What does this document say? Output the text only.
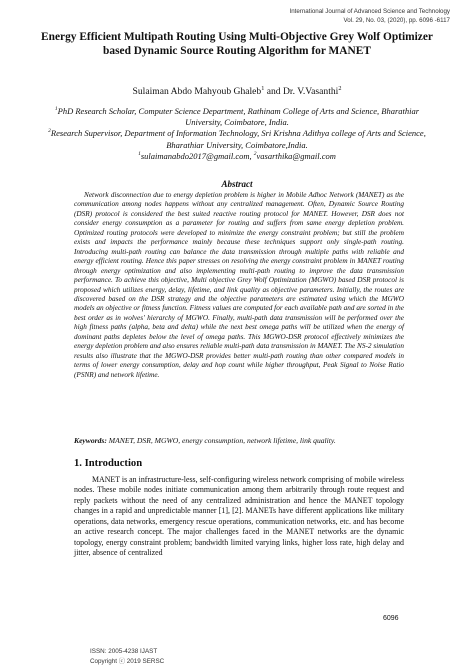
International Journal of Advanced Science and Technology
Vol. 29, No. 03, (2020), pp. 6096 -6117
Energy Efficient Multipath Routing Using Multi-Objective Grey Wolf Optimizer based Dynamic Source Routing Algorithm for MANET
Sulaiman Abdo Mahyoub Ghaleb$^1$ and Dr. V.Vasanthi$^2$
$^1$PhD Research Scholar, Computer Science Department, Rathinam College of Arts and Science, Bharathiar University, Coimbatore, India.
$^2$Research Supervisor, Department of Information Technology, Sri Krishna Adithya college of Arts and Science, Bharathiar University, Coimbatore,India.
$^1$sulaimanabdo2017@gmail.com, $^2$vasarthika@gmail.com
Abstract

Network disconnection due to energy depletion problem is higher in Mobile Adhoc Network (MANET) as the communication among nodes happens without any centralized management. Often, Dynamic Source Routing (DSR) protocol is considered the best suited reactive routing protocol for MANET. However, DSR does not consider energy consumption as a parameter for routing and suffers from same energy depletion problem. Optimized routing protocols were developed to minimize the energy constraint problem; but still the problem exists and impacts the performance mainly because these techniques support only single-path routing. Introducing multi-path routing can balance the data transmission through multiple paths with reliable and energy efficient routing. Hence this paper stresses on resolving the energy constraint problem in MANET routing through energy optimization and also implementing multi-path routing to improve the data transmission performance. To achieve this objective, Multi objective Grey Wolf Optimization (MGWO) based DSR protocol is proposed which utilizes energy, delay, lifetime, and link quality as objective parameters. Initially, the routes are discovered based on the DSR strategy and the objective parameters are estimated using which the MGWO models an objective or fitness function. Fitness values are computed for each available path and are sorted in the best order as in wolves' hierarchy of MGWO. Finally, multi-path data transmission will be performed over the high fitness paths (alpha, beta and delta) while the next best omega paths will be utilized when the energy of dominant paths depletes below the level of omega paths. This MGWO-DSR protocol effectively minimizes the energy depletion problem and also ensures reliable multi-path data transmission in MANET. The NS-2 simulation results also illustrate that the MGWO-DSR provides better multi-path routing than other compared models in terms of lower energy consumption, delay and hop count while higher throughput, Peak Signal to Noise Ratio (PSNR) and network lifetime.

Keywords: MANET, DSR, MGWO, energy consumption, network lifetime, link quality.
1. Introduction

MANET is an infrastructure-less, self-configuring wireless network comprising of mobile wireless nodes. These mobile nodes initiate communication among them arbitrarily through route request and reply packets without the need of any centralized administration and hence the MANET topology changes in a rapid and unpredictable manner [1], [2]. MANETs have different applications like military operations, data networks, emergency rescue operations, communication networks, etc. and has become an active research concept. The major challenges faced in the MANET networks are the dynamic topology, energy constraint problem; bandwidth limited varying links, higher loss rate, high delay and jitter, absence of centralized

6096
ISSN: 2005-4238 IJAST
Copyright ⓒ 2019 SERSC
